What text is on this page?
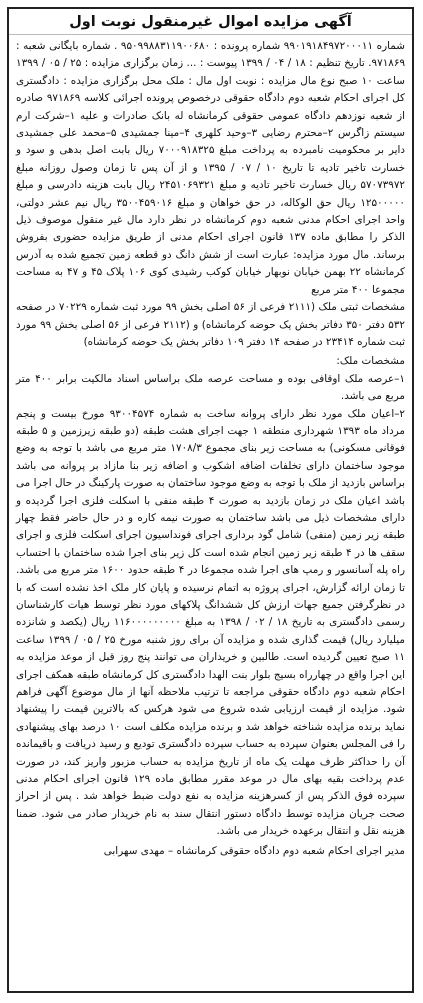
آگهی مزایده اموال غیرمنقول نوبت اول

شماره ۹۹۰۱۹۱۸۴۹۷۲۰۰۰۱۱ شماره پرونده : ۹۵۰۹۹۸۸۳۱۱۹۰۰۶۸۰ . شماره بایگانی شعبه : ۹۷۱۸۶۹. تاریخ تنظیم : ۱۸ / ۰۴ / ۱۳۹۹ پیوست : ... زمان برگزاری مزایده : ۲۵ / ۰۵ / ۱۳۹۹ ساعت ۱۰ صبح نوع مال مزایده : نوبت اول مال : ملک محل برگزاری مزایده : دادگستری کل اجرای احکام شعبه دوم دادگاه حقوقی درخصوص پرونده اجرائی کلاسه ۹۷۱۸۶۹ صادره از شعبه نوزدهم دادگاه عمومی حقوقی کرمانشاه له بانک صادرات و علیه ۱–شرکت ارم سیستم زاگرس ۲–محترم رضایی ۳–وحید کلهری ۴–مینا جمشیدی ۵–محمد علی جمشیدی دایر بر محکومیت نامبرده به پرداخت مبلغ ۷۰۰۰۹۱۸۳۲۵ ریال بابت اصل بدهی و سود و خسارت تاخیر تادیه تا تاریخ ۱۰ / ۰۷ / ۱۳۹۵ و از آن پس تا زمان وصول روزانه مبلغ ۵۷۰۷۳۹۷۲ ریال خسارت تاخیر تادیه و مبلغ ۲۴۵۱۰۶۹۳۲۱ ریال بابت هزینه دادرسی و مبلغ ۱۲۵۰۰۰۰۰ ریال حق الوکاله، در حق خواهان و مبلغ ۳۵۰۰۴۵۹۰۱۶ ریال نیم عشر دولتی، واحد اجرای احکام مدنی شعبه دوم کرمانشاه در نظر دارد مال غیر منقول موصوف ذیل الذکر را مطابق ماده ۱۳۷ قانون اجرای احکام مدنی از طریق مزایده حضوری بفروش برساند. مال مورد مزایده: عبارت است از شش دانگ دو قطعه زمین تجمیع شده به آدرس کرمانشاه ۲۲ بهمن خیابان نوبهار خیابان کوکب رشیدی کوی ۱۰۶ پلاک ۴۵ و ۴۷ به مساحت مجموعا ۴۰۰ متر مربع

مشخصات ثبتی ملک (۲۱۱۱ فرعی از ۵۶ اصلی بخش ۹۹ مورد ثبت شماره ۷۰۲۲۹ در صفحه ۵۳۲ دفتر ۳۵۰ دفاتر بخش یک حوضه کرمانشاه) و (۲۱۱۲ فرعی از ۵۶ اصلی بخش ۹۹ مورد ثبت شماره ۲۳۴۱۴ در صفحه ۱۴ دفتر ۱۰۹ دفاتر بخش یک حوضه کرمانشاه)

مشخصات ملک:

۱–عرصه ملک اوقافی بوده و مساحت عرصه ملک براساس اسناد مالکیت برابر ۴۰۰ متر مربع می باشد.

۲–اعیان ملک مورد نظر دارای پروانه ساخت به شماره ۹۳۰۰۴۵۷۴ مورخ بیست و پنجم مرداد ماه ۱۳۹۳ شهرداری منطقه ۱ جهت اجرای هشت طبقه (دو طبقه زیرزمین و ۵ طبقه فوقانی مسکونی) به مساحت زیر بنای مجموع ۱۷۰۸/۳ متر مربع می باشد با توجه به وضع موجود ساختمان دارای تخلفات اضافه اشکوب و اضافه زیر بنا مازاد بر پروانه می باشد براساس بازدید از ملک با توجه به وضع موجود ساختمان به صورت پارکینگ در حال اجرا می باشد اعیان ملک در زمان بازدید به صورت ۴ طبقه منفی با اسکلت فلزی اجرا گردیده و دارای مشخصات ذیل می باشد ساختمان به صورت نیمه کاره و در حال حاضر فقط چهار طبقه زیر زمین (منفی) شامل گود برداری اجرای فونداسیون اجرای اسکلت فلزی و اجرای سقف ها در ۴ طبقه زیر زمین انجام شده است کل زیر بنای اجرا شده ساختمان با احتساب راه پله آسانسور و رمپ های اجرا شده مجموعا در ۴ طبقه حدود ۱۶۰۰ متر مربع می باشد. تا زمان ارائه گزارش، اجرای پروژه به اتمام نرسیده و پایان کار ملک اخذ نشده است که با در نظرگرفتن جمیع جهات ارزش کل ششدانگ پلاکهای مورد نظر توسط هیات کارشناسان رسمی دادگستری به تاریخ ۱۸ / ۰۲ / ۱۳۹۸ به مبلغ ۱۱۶۰۰۰۰۰۰۰۰۰ ریال (یکصد و شانزده میلیارد ریال) قیمت گذاری شده و مزایده آن برای روز شنبه مورخ ۲۵ / ۰۵ / ۱۳۹۹ ساعت ۱۱ صبح تعیین گردیده است. طالبین و خریداران می توانند پنج روز قبل از موعد مزایده به این اجرا واقع در چهارراه بسیج بلوار بنت الهدا دادگستری کل کرمانشاه طبقه همکف اجرای احکام شعبه دوم دادگاه حقوقی مراجعه تا ترتیب ملاحظه آنها از مال موضوع آگهی فراهم شود. مزایده از قیمت ارزیابی شده شروع می شود هرکس که بالاترین قیمت را پیشنهاد نماید برنده مزایده شناخته خواهد شد و برنده مزایده مکلف است ۱۰ درصد بهای پیشنهادی را فی المجلس بعنوان سپرده به حساب سپرده دادگستری تودیع و رسید دریافت و باقیمانده آن را حداکثر ظرف مهلت یک ماه از تاریخ مزایده به حساب مزبور واریز کند، در صورت عدم پرداخت بقیه بهای مال در موعد مقرر مطابق ماده ۱۲۹ قانون اجرای احکام مدنی سپرده فوق الذکر پس از کسرهزینه مزایده به نفع دولت ضبط خواهد شد . پس از احراز صحت جریان مزایده توسط دادگاه دستور انتقال سند به نام خریدار صادر می شود. ضمنا هزینه نقل و انتقال برعهده خریدار می باشد.

مدیر اجرای احکام شعبه دوم دادگاه حقوقی کرمانشاه – مهدی سهرابی
